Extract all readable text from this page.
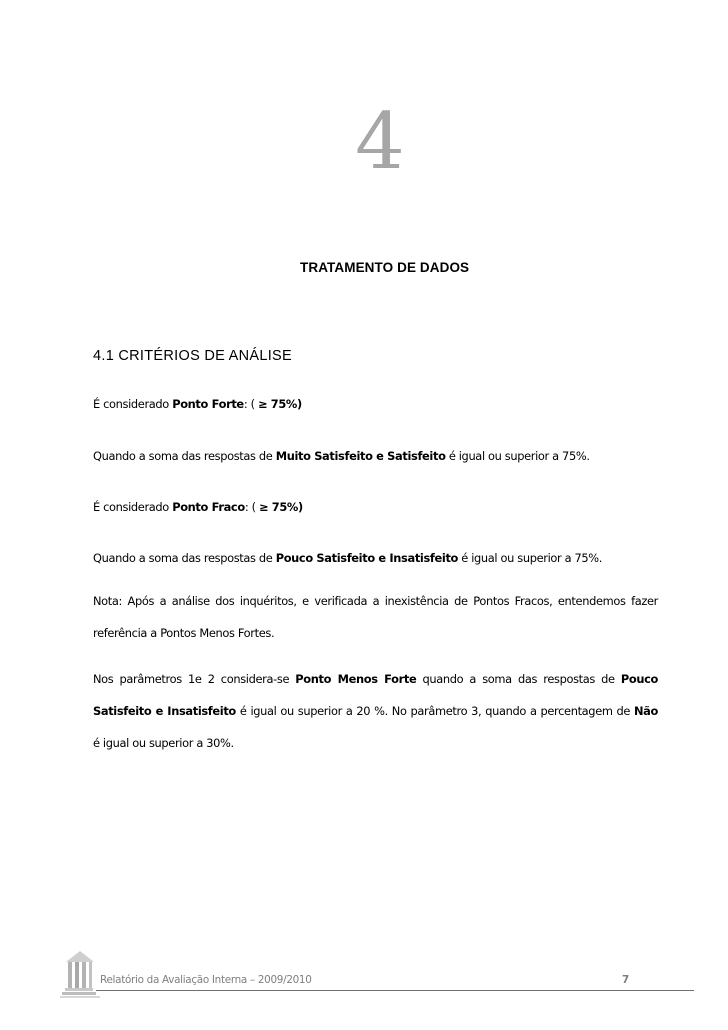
4
TRATAMENTO DE DADOS
4.1 CRITÉRIOS DE ANÁLISE

É considerado Ponto Forte: ( ≥ 75%)

Quando a soma das respostas de Muito Satisfeito e Satisfeito é igual ou superior a 75%.

É considerado Ponto Fraco: ( ≥ 75%)

Quando a soma das respostas de Pouco Satisfeito e Insatisfeito é igual ou superior a 75%.

Nota: Após a análise dos inquéritos, e verificada a inexistência de Pontos Fracos, entendemos fazer
referência a Pontos Menos Fortes.
Nos parâmetros 1e 2 considera-se Ponto Menos Forte quando a soma das respostas de Pouco
Satisfeito e Insatisfeito é igual ou superior a 20 %. No parâmetro 3, quando a percentagem de Não
é igual ou superior a 30%.
Relatório da Avaliação Interna – 2009/2010	7
